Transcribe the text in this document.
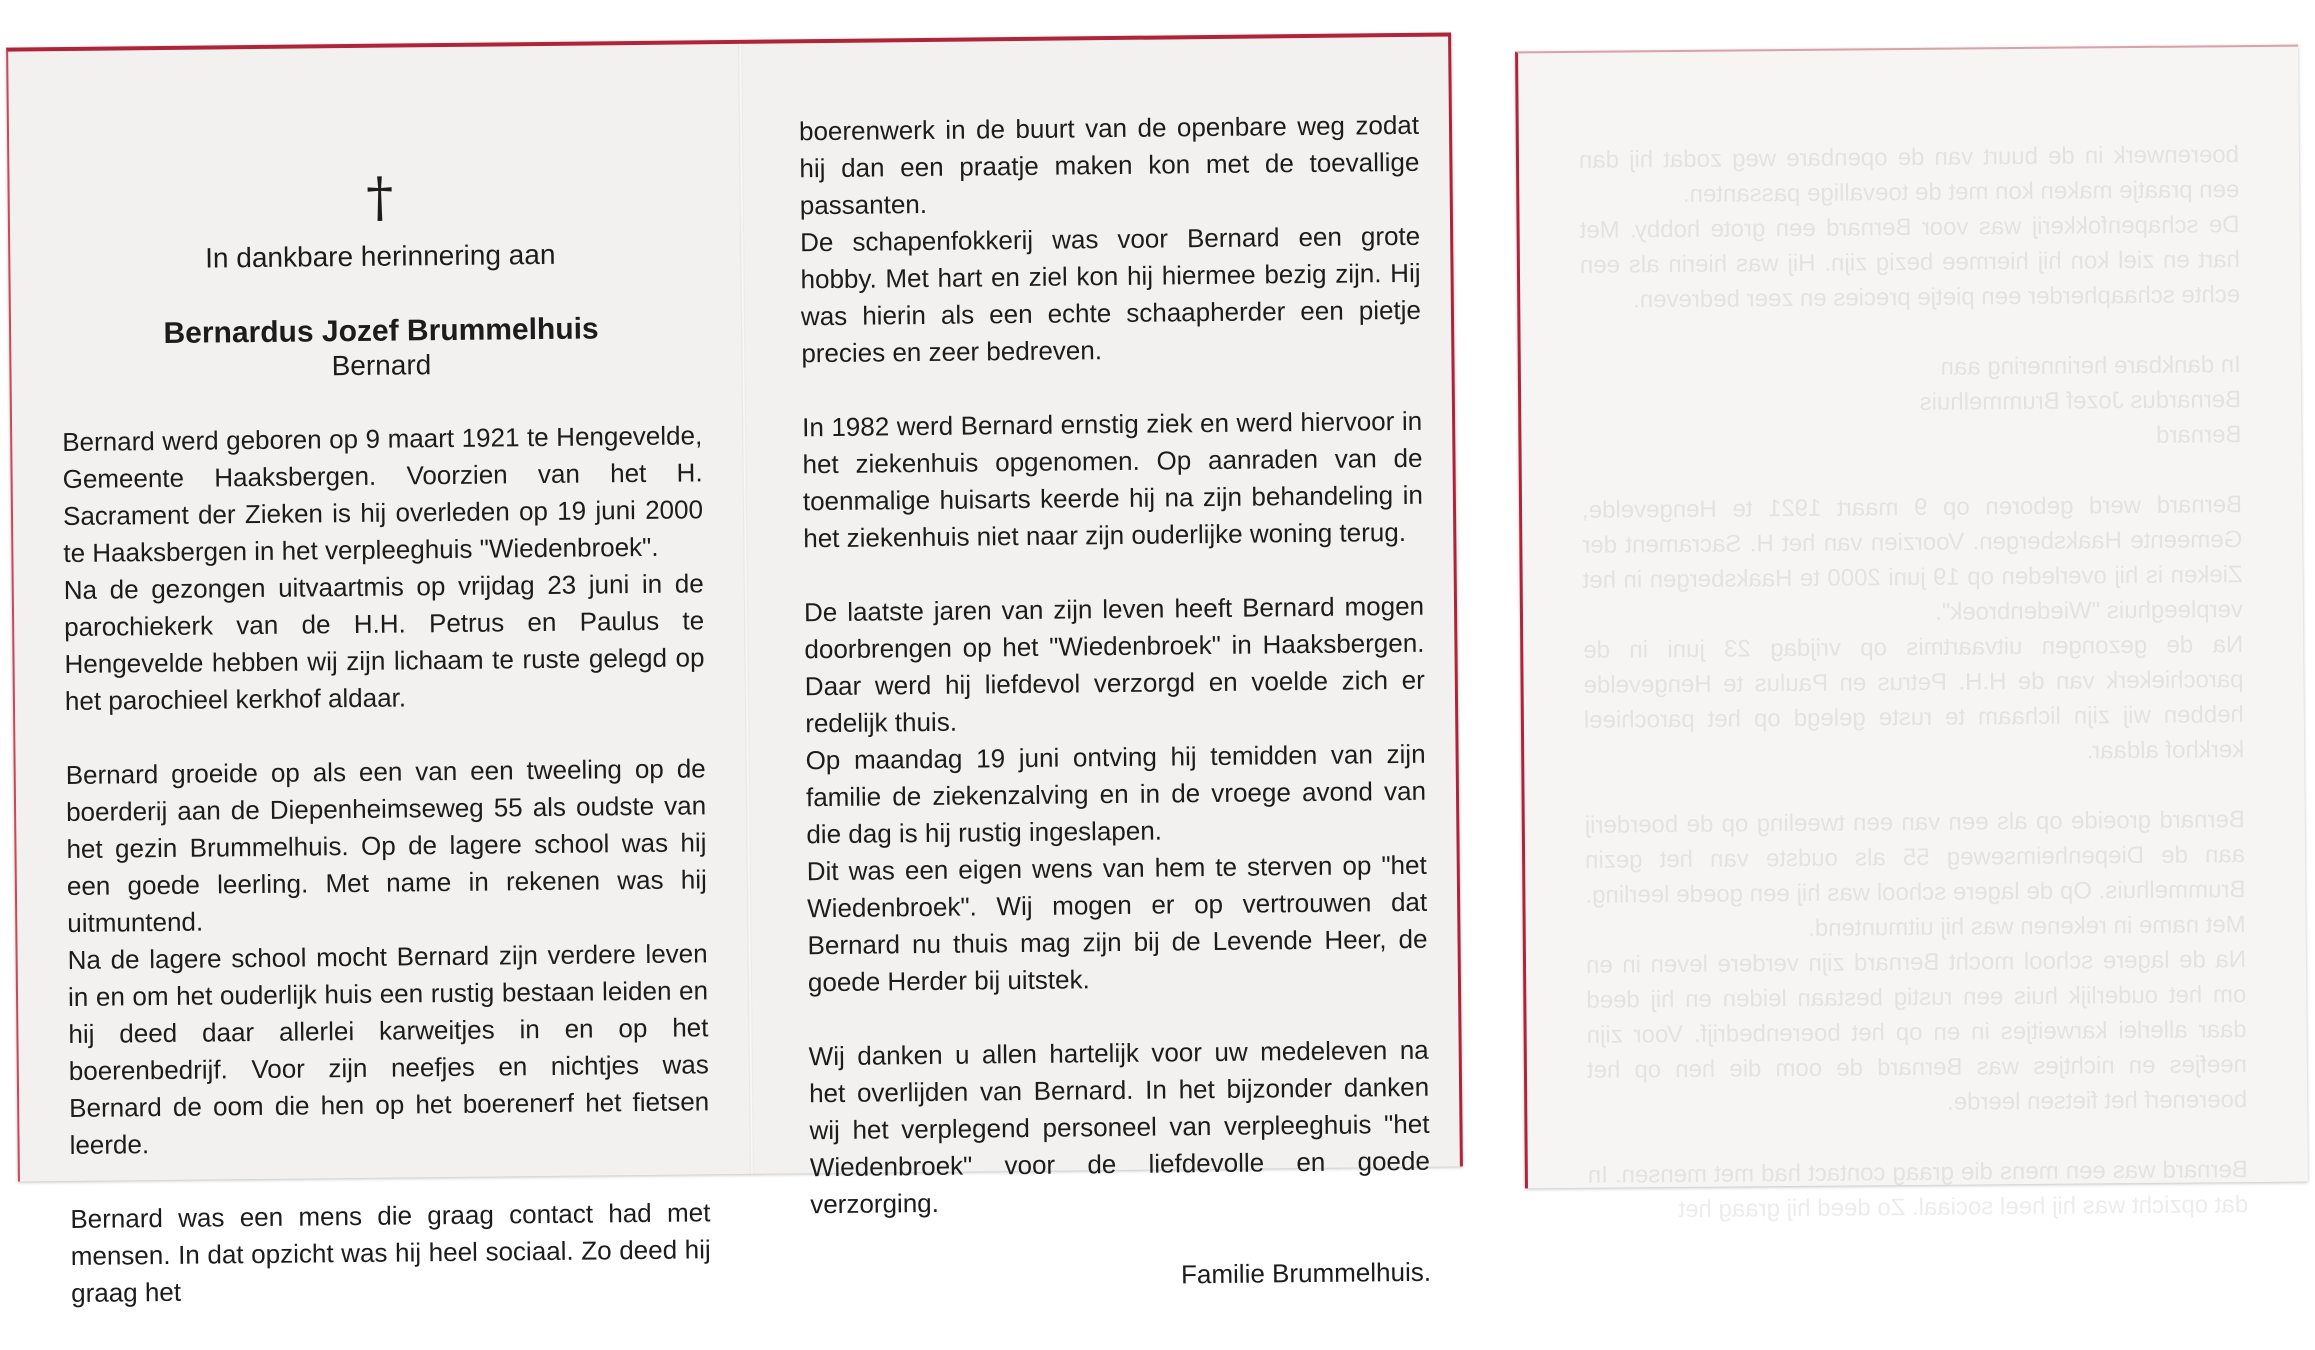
†
In dankbare herinnering aan
Bernardus Jozef Brummelhuis
Bernard

Bernard werd geboren op 9 maart 1921 te Hengevelde, Gemeente Haaksbergen. Voorzien van het H. Sacrament der Zieken is hij overleden op 19 juni 2000 te Haaksbergen in het verpleeghuis "Wiedenbroek".

Na de gezongen uitvaartmis op vrijdag 23 juni in de parochiekerk van de H.H. Petrus en Paulus te Hengevelde hebben wij zijn lichaam te ruste gelegd op het parochieel kerkhof aldaar.

Bernard groeide op als een van een tweeling op de boerderij aan de Diepenheimseweg 55 als oudste van het gezin Brummelhuis. Op de lagere school was hij een goede leerling. Met name in rekenen was hij uitmuntend.

Na de lagere school mocht Bernard zijn verdere leven in en om het ouderlijk huis een rustig bestaan leiden en hij deed daar allerlei karweitjes in en op het boerenbedrijf. Voor zijn neefjes en nichtjes was Bernard de oom die hen op het boerenerf het fietsen leerde.

Bernard was een mens die graag contact had met mensen. In dat opzicht was hij heel sociaal. Zo deed hij graag het

boerenwerk in de buurt van de openbare weg zodat hij dan een praatje maken kon met de toevallige passanten.

De schapenfokkerij was voor Bernard een grote hobby. Met hart en ziel kon hij hiermee bezig zijn. Hij was hierin als een echte schaapherder een pietje precies en zeer bedreven.

In 1982 werd Bernard ernstig ziek en werd hiervoor in het ziekenhuis opgenomen. Op aanraden van de toenmalige huisarts keerde hij na zijn behandeling in het ziekenhuis niet naar zijn ouderlijke woning terug.

De laatste jaren van zijn leven heeft Bernard mogen doorbrengen op het "Wiedenbroek" in Haaksbergen. Daar werd hij liefdevol verzorgd en voelde zich er redelijk thuis.

Op maandag 19 juni ontving hij temidden van zijn familie de ziekenzalving en in de vroege avond van die dag is hij rustig ingeslapen.

Dit was een eigen wens van hem te sterven op "het Wiedenbroek". Wij mogen er op vertrouwen dat Bernard nu thuis mag zijn bij de Levende Heer, de goede Herder bij uitstek.

Wij danken u allen hartelijk voor uw medeleven na het overlijden van Bernard. In het bijzonder danken wij het verplegend personeel van verpleeghuis "het Wiedenbroek" voor de liefdevolle en goede verzorging.

Familie Brummelhuis.
boerenwerk in de buurt van de openbare weg zodat hij dan een praatje maken kon met de toevallige passanten.
De schapenfokkerij was voor Bernard een grote hobby. Met hart en ziel kon hij hiermee bezig zijn. Hij was hierin als een echte schaapherder een pietje precies en zeer bedreven.

In dankbare herinnering aan
Bernardus Jozef Brummelhuis
Bernard

Bernard werd geboren op 9 maart 1921 te Hengevelde, Gemeente Haaksbergen. Voorzien van het H. Sacrament der Zieken is hij overleden op 19 juni 2000 te Haaksbergen in het verpleeghuis "Wiedenbroek".
Na de gezongen uitvaartmis op vrijdag 23 juni in de parochiekerk van de H.H. Petrus en Paulus te Hengevelde hebben wij zijn lichaam te ruste gelegd op het parochieel kerkhof aldaar.

Bernard groeide op als een van een tweeling op de boerderij aan de Diepenheimseweg 55 als oudste van het gezin Brummelhuis. Op de lagere school was hij een goede leerling. Met name in rekenen was hij uitmuntend.
Na de lagere school mocht Bernard zijn verdere leven in en om het ouderlijk huis een rustig bestaan leiden en hij deed daar allerlei karweitjes in en op het boerenbedrijf. Voor zijn neefjes en nichtjes was Bernard de oom die hen op het boerenerf het fietsen leerde.

Bernard was een mens die graag contact had met mensen. In dat opzicht was hij heel sociaal. Zo deed hij graag het
